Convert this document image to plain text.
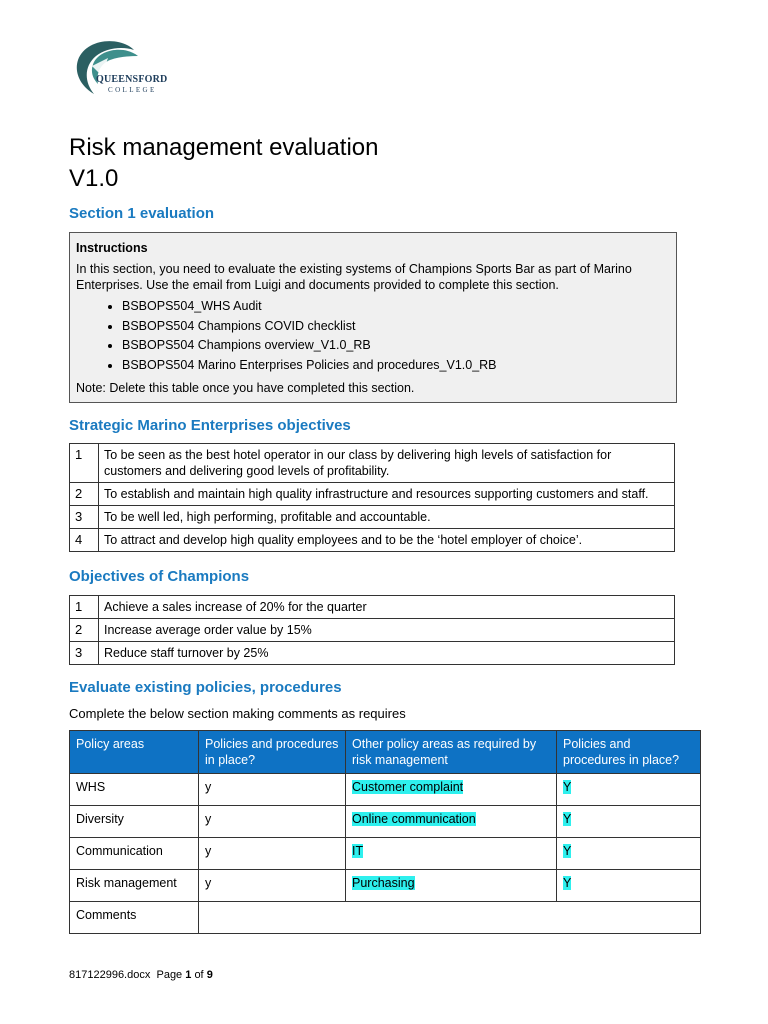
QUEENSFORD
COLLEGE
Risk management evaluation
V1.0
Section 1 evaluation
Instructions
In this section, you need to evaluate the existing systems of Champions Sports Bar as part of Marino Enterprises. Use the email from Luigi and documents provided to complete this section.
• BSBOPS504_WHS Audit
• BSBOPS504 Champions COVID checklist
• BSBOPS504 Champions overview_V1.0_RB
• BSBOPS504 Marino Enterprises Policies and procedures_V1.0_RB
Note: Delete this table once you have completed this section.
Strategic Marino Enterprises objectives
1	To be seen as the best hotel operator in our class by delivering high levels of satisfaction for customers and delivering good levels of profitability.
2	To establish and maintain high quality infrastructure and resources supporting customers and staff.
3	To be well led, high performing, profitable and accountable.
4	To attract and develop high quality employees and to be the ‘hotel employer of choice’.
Objectives of Champions
1	Achieve a sales increase of 20% for the quarter
2	Increase average order value by 15%
3	Reduce staff turnover by 25%
Evaluate existing policies, procedures

Complete the below section making comments as requires

Policy areas	Policies and procedures in place?	Other policy areas as required by risk management	Policies and procedures in place?
WHS	y	Customer complaint	Y
Diversity	y	Online communication	Y
Communication	y	IT	Y
Risk management	y	Purchasing	Y
Comments			
817122996.docx Page 1 of 9
